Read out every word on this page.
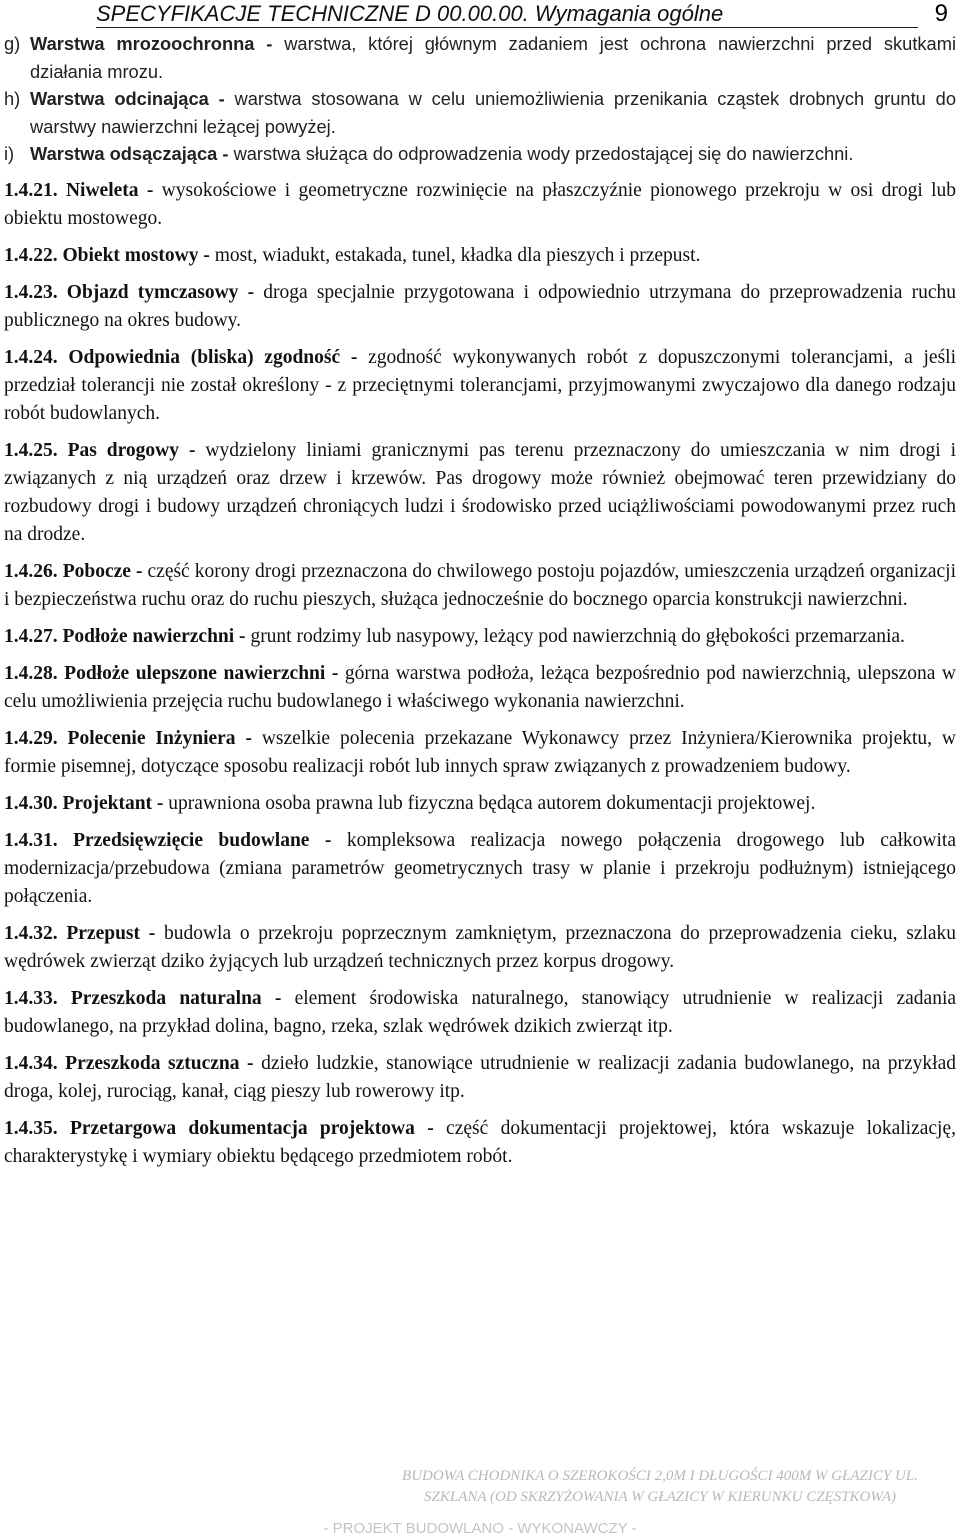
SPECYFIKACJE TECHNICZNE D 00.00.00. Wymagania ogólne	9
g) Warstwa mrozoochronna - warstwa, której głównym zadaniem jest ochrona nawierzchni przed skutkami działania mrozu.
h) Warstwa odcinająca - warstwa stosowana w celu uniemożliwienia przenikania cząstek drobnych gruntu do warstwy nawierzchni leżącej powyżej.
i) Warstwa odsączająca - warstwa służąca do odprowadzenia wody przedostającej się do nawierzchni.

1.4.21. Niweleta - wysokościowe i geometryczne rozwinięcie na płaszczyźnie pionowego przekroju w osi drogi lub obiektu mostowego.

1.4.22. Obiekt mostowy - most, wiadukt, estakada, tunel, kładka dla pieszych i przepust.

1.4.23. Objazd tymczasowy - droga specjalnie przygotowana i odpowiednio utrzymana do przeprowadzenia ruchu publicznego na okres budowy.

1.4.24. Odpowiednia (bliska) zgodność - zgodność wykonywanych robót z dopuszczonymi tolerancjami, a jeśli przedział tolerancji nie został określony - z przeciętnymi tolerancjami, przyjmowanymi zwyczajowo dla danego rodzaju robót budowlanych.

1.4.25. Pas drogowy - wydzielony liniami granicznymi pas terenu przeznaczony do umieszczania w nim drogi i związanych z nią urządzeń oraz drzew i krzewów. Pas drogowy może również obejmować teren przewidziany do rozbudowy drogi i budowy urządzeń chroniących ludzi i środowisko przed uciążliwościami powodowanymi przez ruch na drodze.

1.4.26. Pobocze - część korony drogi przeznaczona do chwilowego postoju pojazdów, umieszczenia urządzeń organizacji i bezpieczeństwa ruchu oraz do ruchu pieszych, służąca jednocześnie do bocznego oparcia konstrukcji nawierzchni.

1.4.27. Podłoże nawierzchni - grunt rodzimy lub nasypowy, leżący pod nawierzchnią do głębokości przemarzania.

1.4.28. Podłoże ulepszone nawierzchni - górna warstwa podłoża, leżąca bezpośrednio pod nawierzchnią, ulepszona w celu umożliwienia przejęcia ruchu budowlanego i właściwego wykonania nawierzchni.

1.4.29. Polecenie Inżyniera - wszelkie polecenia przekazane Wykonawcy przez Inżyniera/Kierownika projektu, w formie pisemnej, dotyczące sposobu realizacji robót lub innych spraw związanych z prowadzeniem budowy.

1.4.30. Projektant - uprawniona osoba prawna lub fizyczna będąca autorem dokumentacji projektowej.

1.4.31. Przedsięwzięcie budowlane - kompleksowa realizacja nowego połączenia drogowego lub całkowita modernizacja/przebudowa (zmiana parametrów geometrycznych trasy w planie i przekroju podłużnym) istniejącego połączenia.

1.4.32. Przepust - budowla o przekroju poprzecznym zamkniętym, przeznaczona do przeprowadzenia cieku, szlaku wędrówek zwierząt dziko żyjących lub urządzeń technicznych przez korpus drogowy.

1.4.33. Przeszkoda naturalna - element środowiska naturalnego, stanowiący utrudnienie w realizacji zadania budowlanego, na przykład dolina, bagno, rzeka, szlak wędrówek dzikich zwierząt itp.

1.4.34. Przeszkoda sztuczna - dzieło ludzkie, stanowiące utrudnienie w realizacji zadania budowlanego, na przykład droga, kolej, rurociąg, kanał, ciąg pieszy lub rowerowy itp.

1.4.35. Przetargowa dokumentacja projektowa - część dokumentacji projektowej, która wskazuje lokalizację, charakterystykę i wymiary obiektu będącego przedmiotem robót.

BUDOWA CHODNIKA O SZEROKOŚCI 2,0M I DŁUGOŚCI 400M W GŁAZICY UL. SZKLANA (OD SKRZYŻOWANIA W GŁAZICY W KIERUNKU CZĘSTKOWA)
- PROJEKT BUDOWLANO - WYKONAWCZY -
